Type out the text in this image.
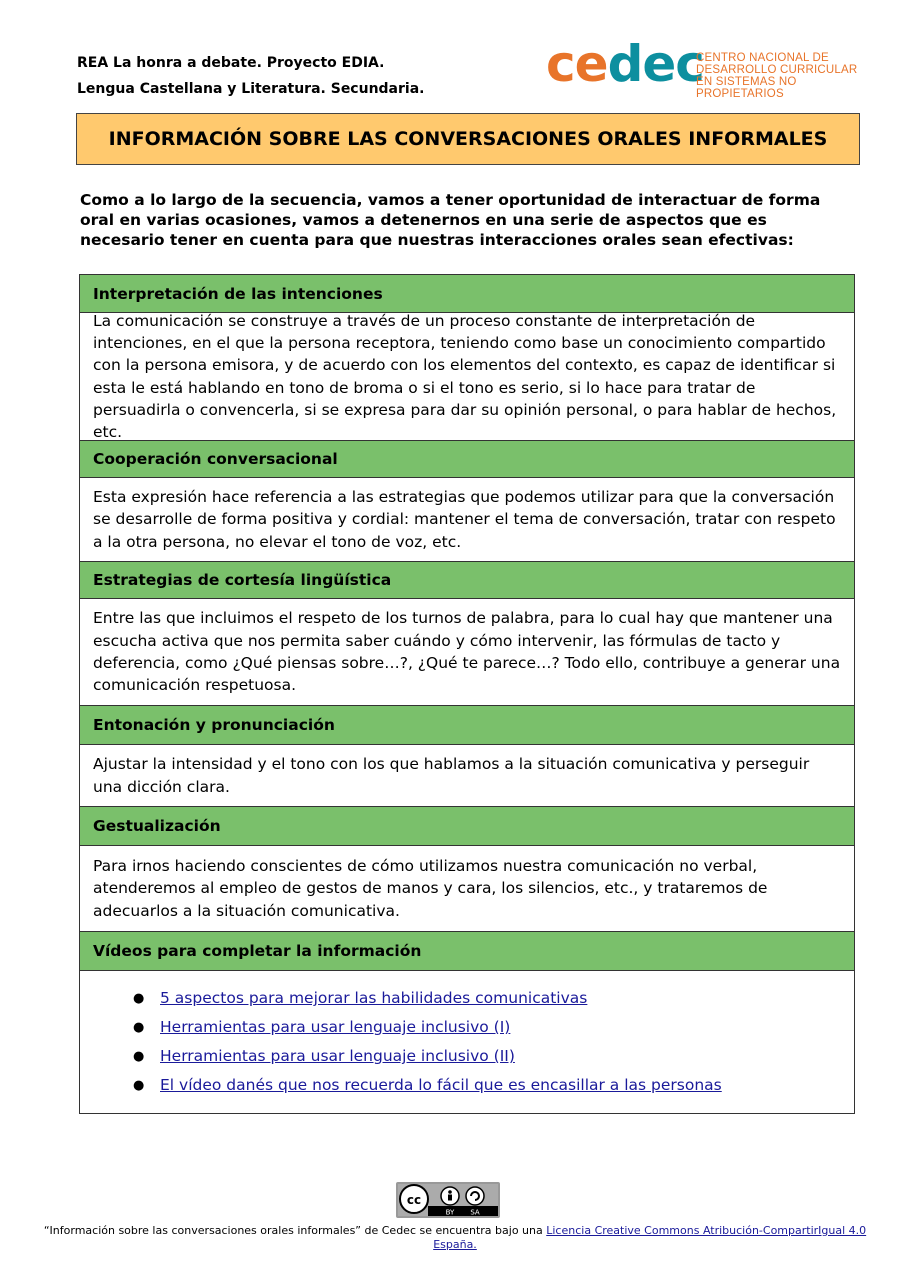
REA La honra a debate. Proyecto EDIA.
Lengua Castellana y Literatura. Secundaria. cedec
CENTRO NACIONAL DE
DESARROLLO CURRICULAR
EN SISTEMAS NO PROPIETARIOS
INFORMACIÓN SOBRE LAS CONVERSACIONES ORALES INFORMALES
Como a lo largo de la secuencia, vamos a tener oportunidad de interactuar de forma oral en varias ocasiones, vamos a detenernos en una serie de aspectos que es necesario tener en cuenta para que nuestras interacciones orales sean efectivas:
Interpretación de las intenciones
La comunicación se construye a través de un proceso constante de interpretación de intenciones, en el que la persona receptora, teniendo como base un conocimiento compartido con la persona emisora, y de acuerdo con los elementos del contexto, es capaz de identificar si esta le está hablando en tono de broma o si el tono es serio, si lo hace para tratar de persuadirla o convencerla, si se expresa para dar su opinión personal, o para hablar de hechos, etc.
Cooperación conversacional
Esta expresión hace referencia a las estrategias que podemos utilizar para que la conversación se desarrolle de forma positiva y cordial: mantener el tema de conversación, tratar con respeto a la otra persona, no elevar el tono de voz, etc.
Estrategias de cortesía lingüística
Entre las que incluimos el respeto de los turnos de palabra, para lo cual hay que mantener una escucha activa que nos permita saber cuándo y cómo intervenir, las fórmulas de tacto y deferencia, como ¿Qué piensas sobre…?, ¿Qué te parece…? Todo ello, contribuye a generar una comunicación respetuosa.
Entonación y pronunciación
Ajustar la intensidad y el tono con los que hablamos a la situación comunicativa y perseguir una dicción clara.
Gestualización
Para irnos haciendo conscientes de cómo utilizamos nuestra comunicación no verbal, atenderemos al empleo de gestos de manos y cara, los silencios, etc., y trataremos de adecuarlos a la situación comunicativa.
Vídeos para completar la información
● 5 aspectos para mejorar las habilidades comunicativas
● Herramientas para usar lenguaje inclusivo (I)
● Herramientas para usar lenguaje inclusivo (II)
● El vídeo danés que nos recuerda lo fácil que es encasillar a las personas
cc
BY SA
“Información sobre las conversaciones orales informales” de Cedec se encuentra bajo una Licencia Creative Commons Atribución-CompartirIgual 4.0 España.
